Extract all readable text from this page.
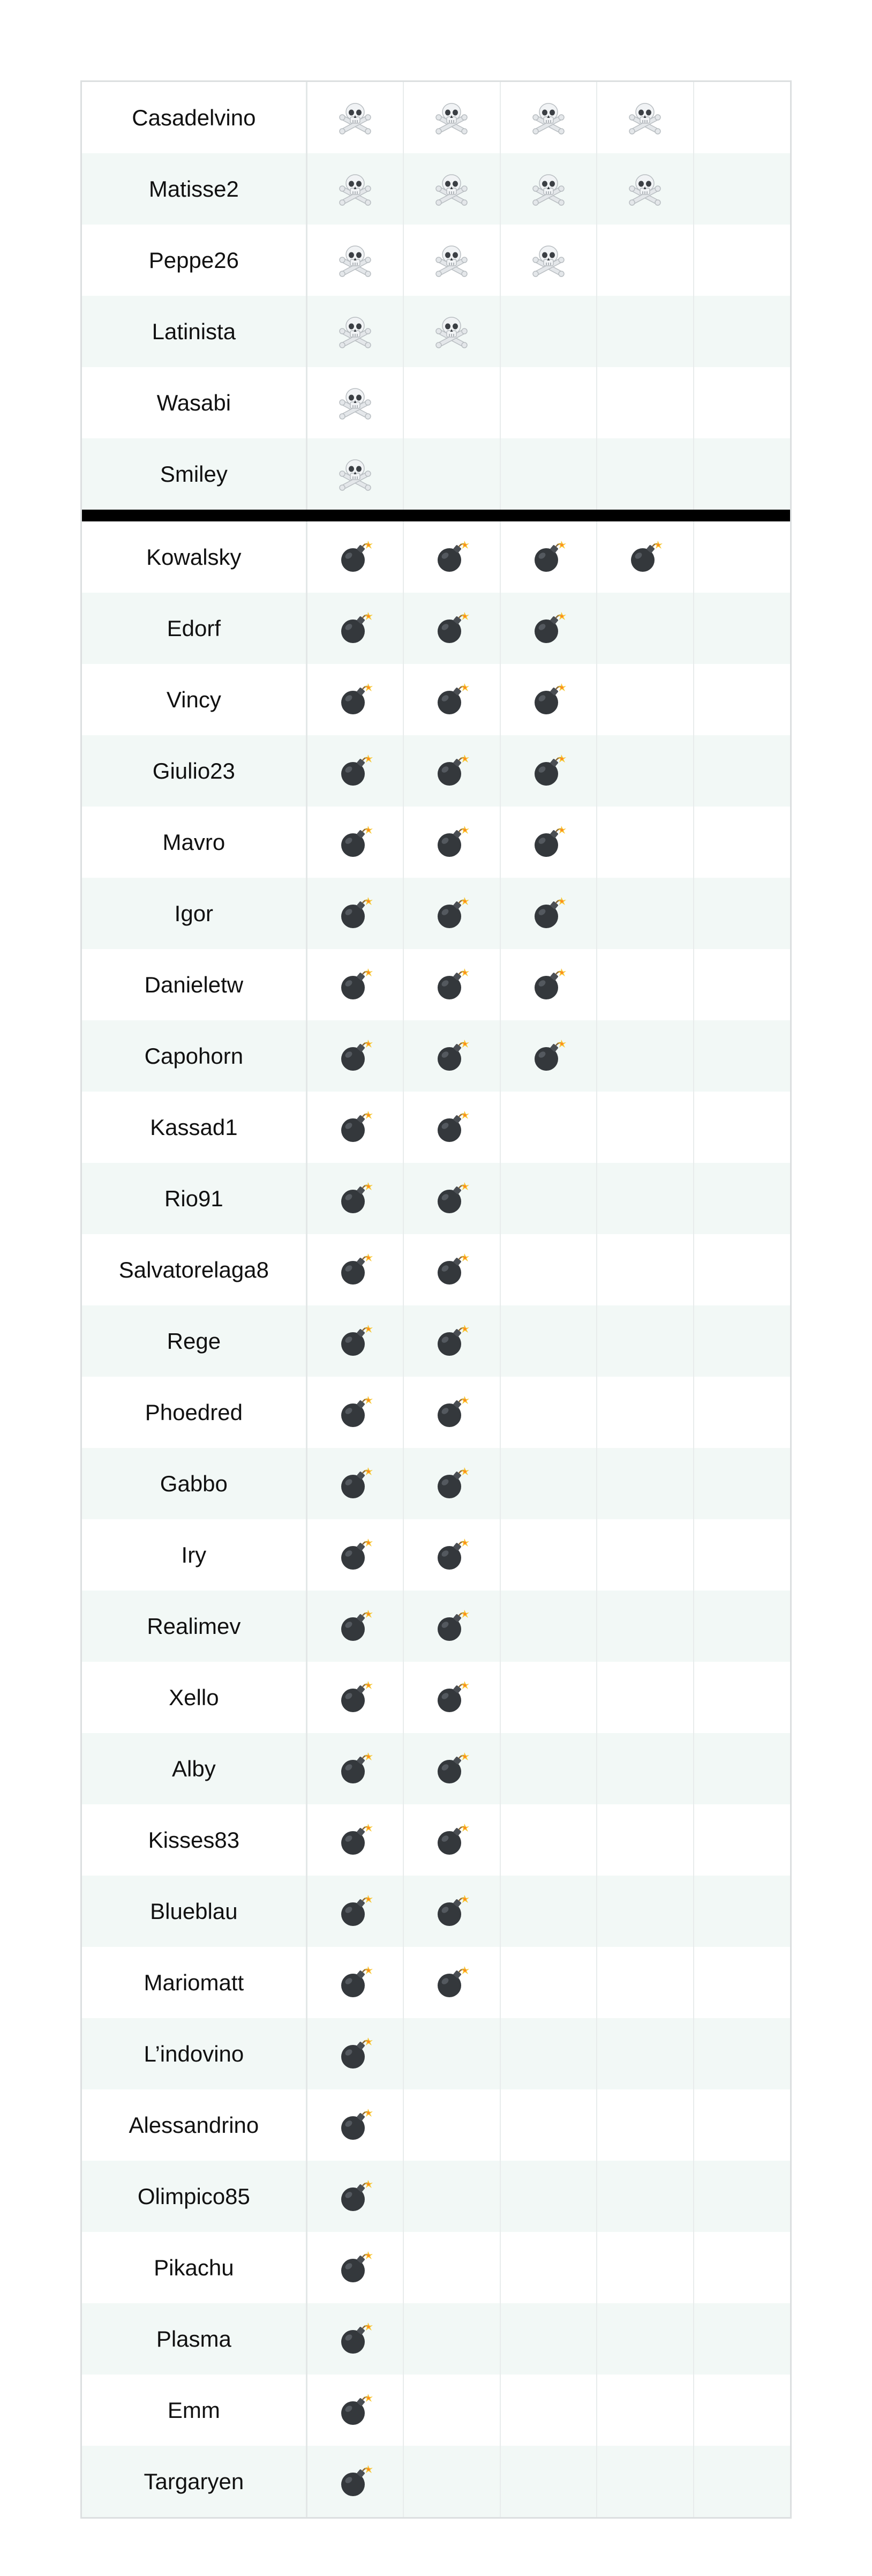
Casadelvino
Matisse2
Peppe26
Latinista
Wasabi
Smiley
Kowalsky
Edorf
Vincy
Giulio23
Mavro
Igor
Danieletw
Capohorn
Kassad1
Rio91
Salvatorelaga8
Rege
Phoedred
Gabbo
Iry
Realimev
Xello
Alby
Kisses83
Blueblau
Mariomatt
L’indovino
Alessandrino
Olimpico85
Pikachu
Plasma
Emm
Targaryen
